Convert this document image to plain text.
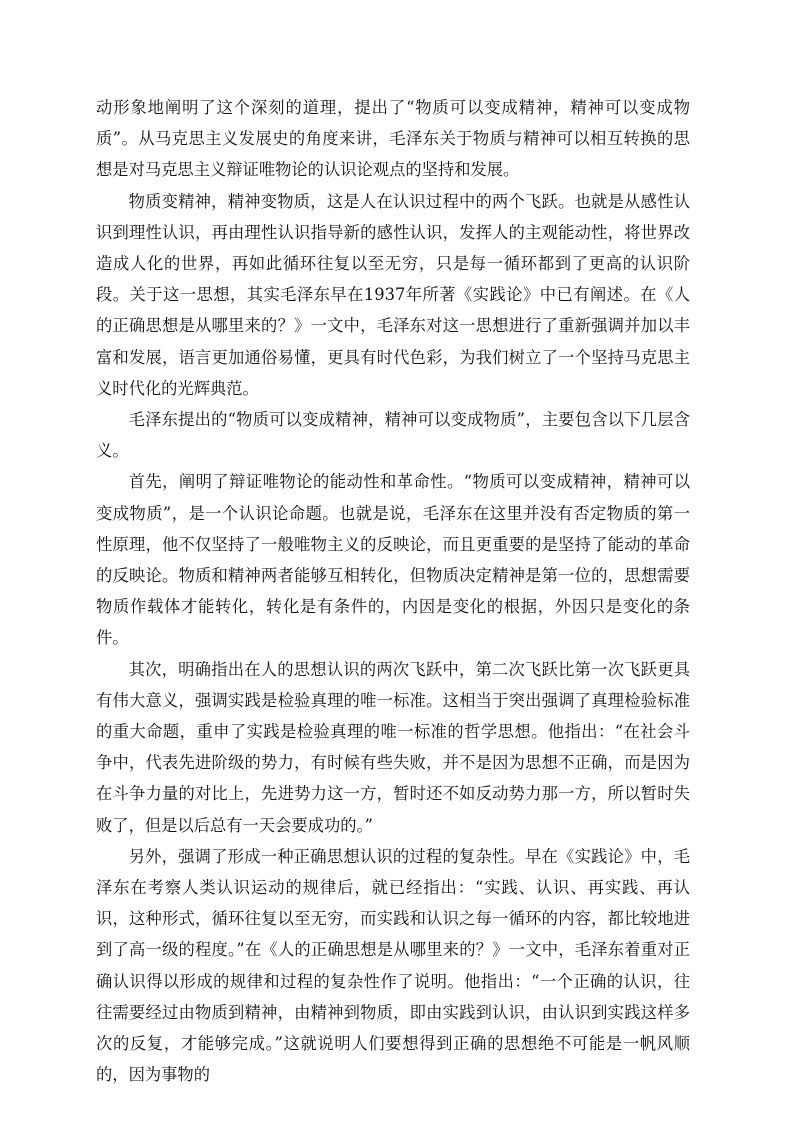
动形象地阐明了这个深刻的道理，提出了“物质可以变成精神，精神可以变成物质”。从马克思主义发展史的角度来讲，毛泽东关于物质与精神可以相互转换的思想是对马克思主义辩证唯物论的认识论观点的坚持和发展。

物质变精神，精神变物质，这是人在认识过程中的两个飞跃。也就是从感性认识到理性认识，再由理性认识指导新的感性认识，发挥人的主观能动性，将世界改造成人化的世界，再如此循环往复以至无穷，只是每一循环都到了更高的认识阶段。关于这一思想，其实毛泽东早在1937年所著《实践论》中已有阐述。在《人的正确思想是从哪里来的？》一文中，毛泽东对这一思想进行了重新强调并加以丰富和发展，语言更加通俗易懂，更具有时代色彩，为我们树立了一个坚持马克思主义时代化的光辉典范。

毛泽东提出的“物质可以变成精神，精神可以变成物质”，主要包含以下几层含义。

首先，阐明了辩证唯物论的能动性和革命性。“物质可以变成精神，精神可以变成物质”，是一个认识论命题。也就是说，毛泽东在这里并没有否定物质的第一性原理，他不仅坚持了一般唯物主义的反映论，而且更重要的是坚持了能动的革命的反映论。物质和精神两者能够互相转化，但物质决定精神是第一位的，思想需要物质作载体才能转化，转化是有条件的，内因是变化的根据，外因只是变化的条件。

其次，明确指出在人的思想认识的两次飞跃中，第二次飞跃比第一次飞跃更具有伟大意义，强调实践是检验真理的唯一标准。这相当于突出强调了真理检验标准的重大命题，重申了实践是检验真理的唯一标准的哲学思想。他指出：“在社会斗争中，代表先进阶级的势力，有时候有些失败，并不是因为思想不正确，而是因为在斗争力量的对比上，先进势力这一方，暂时还不如反动势力那一方，所以暂时失败了，但是以后总有一天会要成功的。”

另外，强调了形成一种正确思想认识的过程的复杂性。早在《实践论》中，毛泽东在考察人类认识运动的规律后，就已经指出：“实践、认识、再实践、再认识，这种形式，循环往复以至无穷，而实践和认识之每一循环的内容，都比较地进到了高一级的程度。”在《人的正确思想是从哪里来的？》一文中，毛泽东着重对正确认识得以形成的规律和过程的复杂性作了说明。他指出：“一个正确的认识，往往需要经过由物质到精神，由精神到物质，即由实践到认识，由认识到实践这样多次的反复，才能够完成。”这就说明人们要想得到正确的思想绝不可能是一帆风顺的，因为事物的
